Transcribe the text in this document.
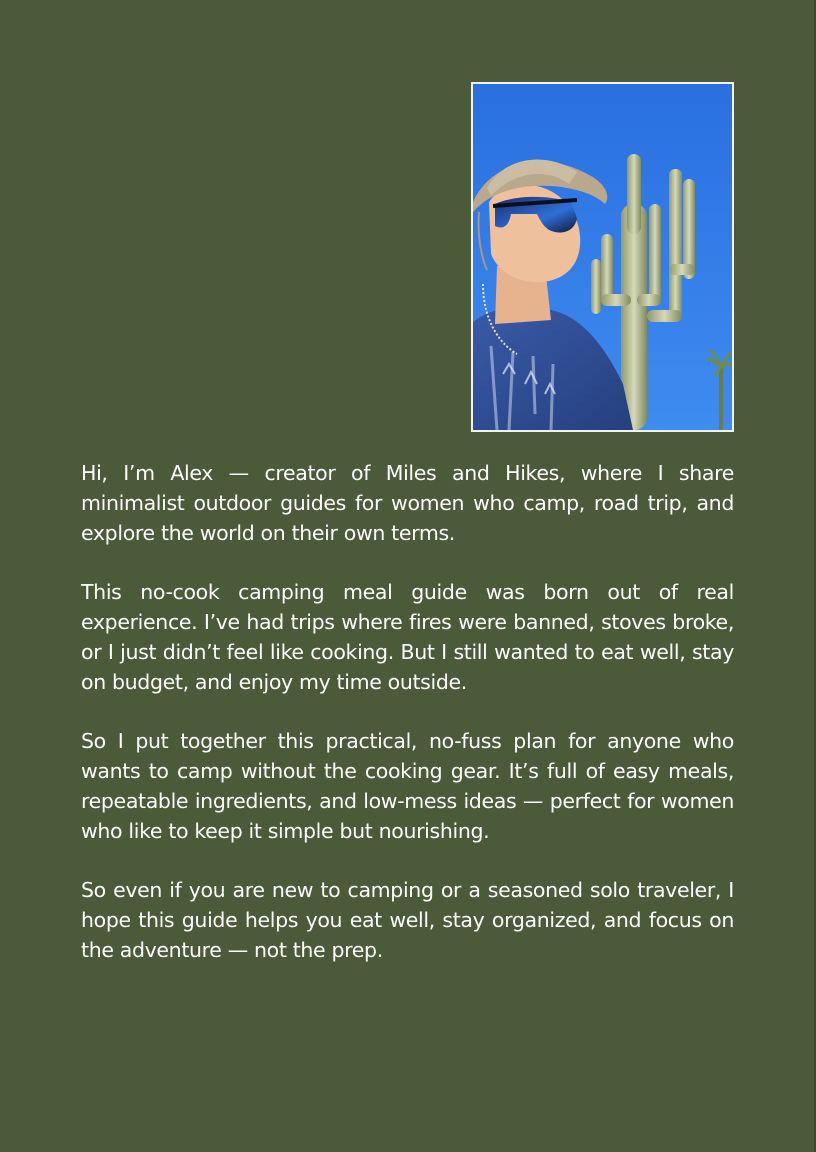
Hi, I’m Alex — creator of Miles and Hikes, where I share minimalist outdoor guides for women who camp, road trip, and explore the world on their own terms.

This no-cook camping meal guide was born out of real experience. I’ve had trips where fires were banned, stoves broke, or I just didn’t feel like cooking. But I still wanted to eat well, stay on budget, and enjoy my time outside.

So I put together this practical, no-fuss plan for anyone who wants to camp without the cooking gear. It’s full of easy meals, repeatable ingredients, and low-mess ideas — perfect for women who like to keep it simple but nourishing.

So even if you are new to camping or a seasoned solo traveler, I hope this guide helps you eat well, stay organized, and focus on the adventure — not the prep.
